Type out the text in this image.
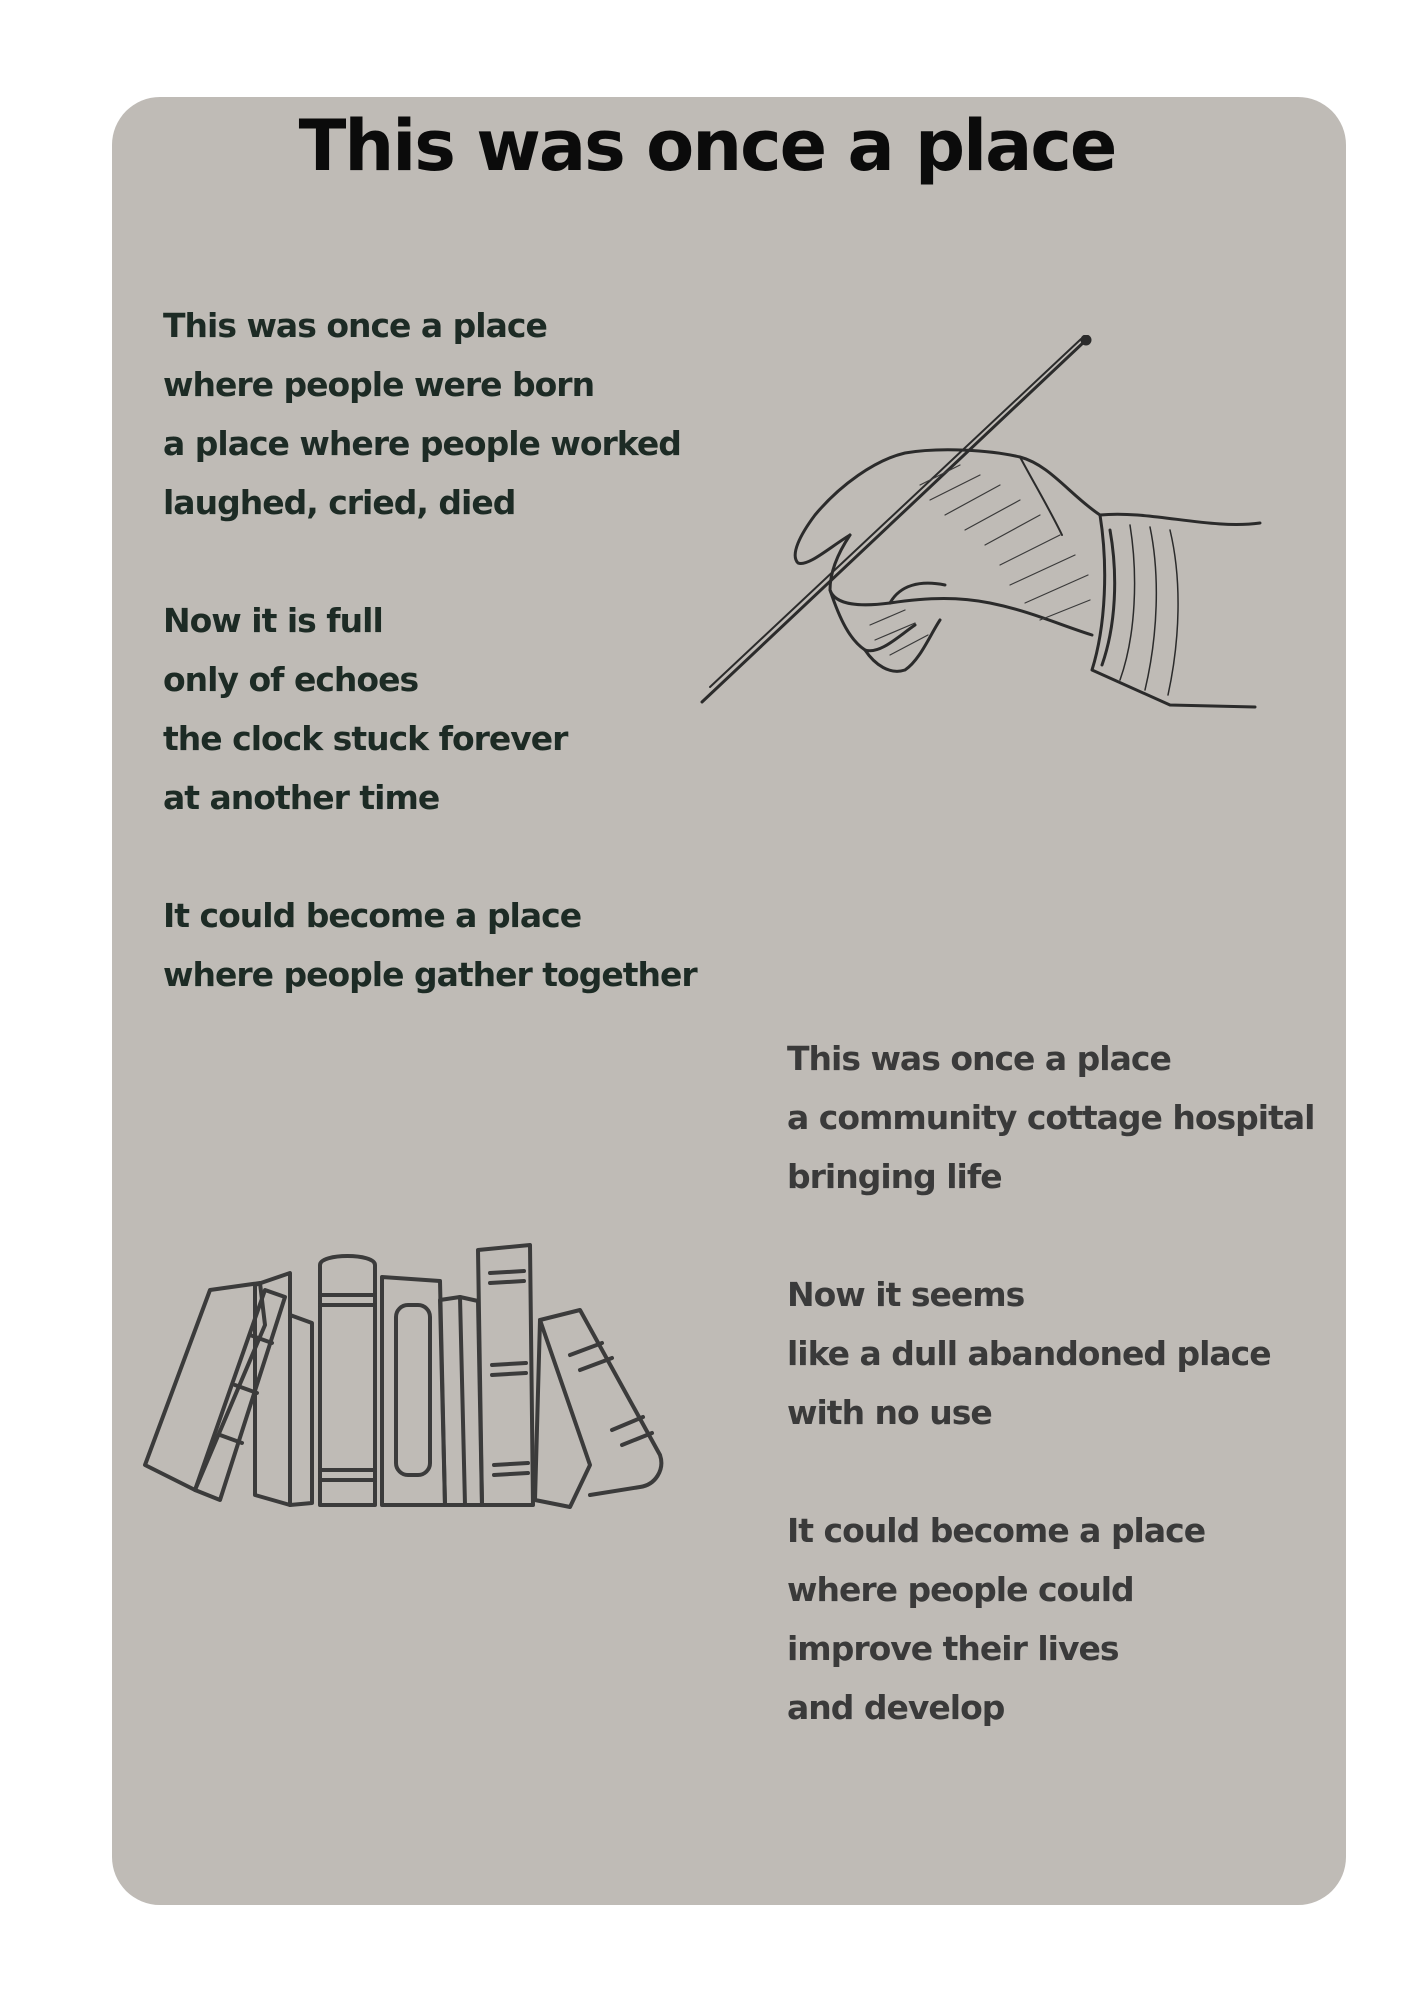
This was once a place
This was once a place
where people were born
a place where people worked
laughed, cried, died
Now it is full
only of echoes
the clock stuck forever
at another time
It could become a place
where people gather together
This was once a place
a community cottage hospital
bringing life
Now it seems
like a dull abandoned place
with no use
It could become a place
where people could
improve their lives
and develop
